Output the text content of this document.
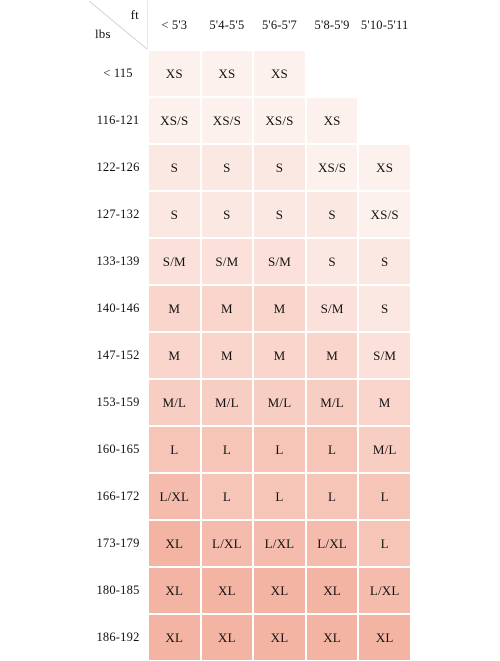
ft
lbs
< 5'3	5'4-5'5	5'6-5'7	5'8-5'9 5'10-5'11
< 115	XS	XS	XS
116-121	XS/S	XS/S	XS/S	XS
122-126	S	S	S	XS/S	XS
127-132	S	S	S	S	XS/S
133-139	S/M	S/M	S/M	S	S
140-146	M	M	M	S/M	S
147-152	M	M	M	M	S/M
153-159	M/L	M/L	M/L	M/L	M
160-165	L	L	L	L	M/L
166-172	L/XL	L	L	L	L
173-179	XL	L/XL	L/XL	L/XL	L
180-185	XL	XL	XL	XL	L/XL
186-192	XL	XL	XL	XL	XL
